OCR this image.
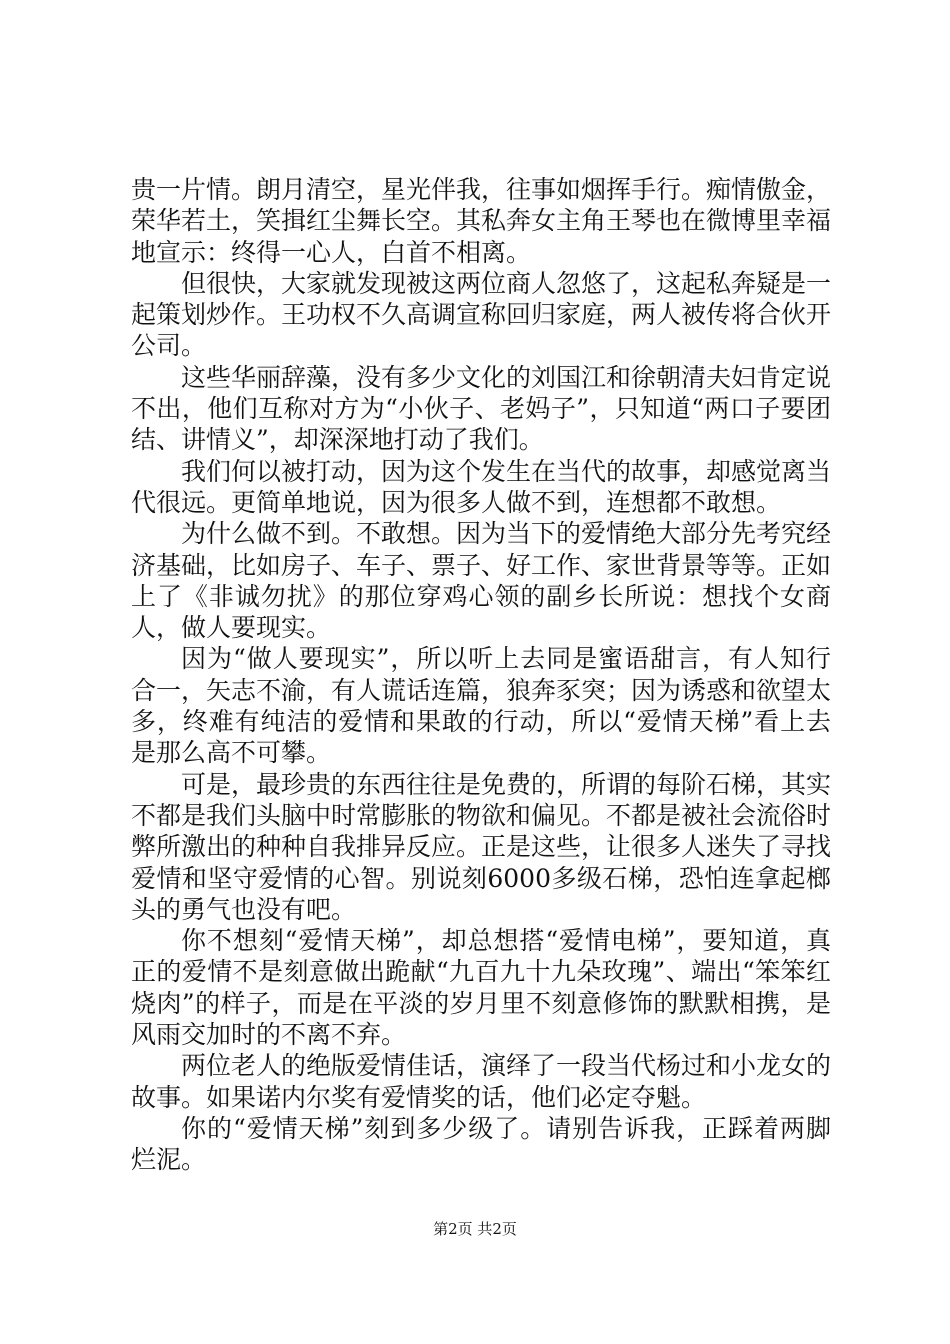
贵一片情。朗月清空，星光伴我，往事如烟挥手行。痴情傲金，荣华若土，笑揖红尘舞长空。其私奔女主角王琴也在微博里幸福地宣示：终得一心人，白首不相离。

但很快，大家就发现被这两位商人忽悠了，这起私奔疑是一起策划炒作。王功权不久高调宣称回归家庭，两人被传将合伙开公司。

这些华丽辞藻，没有多少文化的刘国江和徐朝清夫妇肯定说不出，他们互称对方为“小伙子、老妈子”，只知道“两口子要团结、讲情义”，却深深地打动了我们。

我们何以被打动，因为这个发生在当代的故事，却感觉离当代很远。更简单地说，因为很多人做不到，连想都不敢想。

为什么做不到。不敢想。因为当下的爱情绝大部分先考究经济基础，比如房子、车子、票子、好工作、家世背景等等。正如上了《非诚勿扰》的那位穿鸡心领的副乡长所说：想找个女商人，做人要现实。

因为“做人要现实”，所以听上去同是蜜语甜言，有人知行合一，矢志不渝，有人谎话连篇，狼奔豕突；因为诱惑和欲望太多，终难有纯洁的爱情和果敢的行动，所以“爱情天梯”看上去是那么高不可攀。

可是，最珍贵的东西往往是免费的，所谓的每阶石梯，其实不都是我们头脑中时常膨胀的物欲和偏见。不都是被社会流俗时弊所激出的种种自我排异反应。正是这些，让很多人迷失了寻找爱情和坚守爱情的心智。别说刻6000多级石梯，恐怕连拿起榔头的勇气也没有吧。

你不想刻“爱情天梯”，却总想搭“爱情电梯”，要知道，真正的爱情不是刻意做出跪献“九百九十九朵玫瑰”、端出“笨笨红烧肉”的样子，而是在平淡的岁月里不刻意修饰的默默相携，是风雨交加时的不离不弃。

两位老人的绝版爱情佳话，演绎了一段当代杨过和小龙女的故事。如果诺内尔奖有爱情奖的话，他们必定夺魁。

你的“爱情天梯”刻到多少级了。请别告诉我，正踩着两脚烂泥。

第2页 共2页
